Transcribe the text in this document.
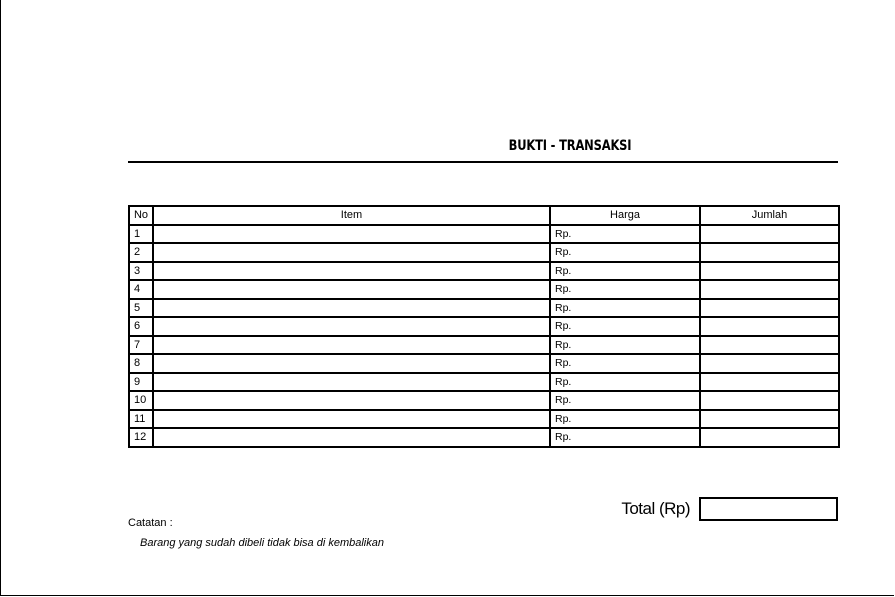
BUKTI - TRANSAKSI
No	Item	Harga	Jumlah
1		Rp.	
2		Rp.	
3		Rp.	
4		Rp.	
5		Rp.	
6		Rp.	
7		Rp.	
8		Rp.	
9		Rp.	
10		Rp.	
11		Rp.	
12		Rp.	
Total (Rp)
Catatan :
Barang yang sudah dibeli tidak bisa di kembalikan
